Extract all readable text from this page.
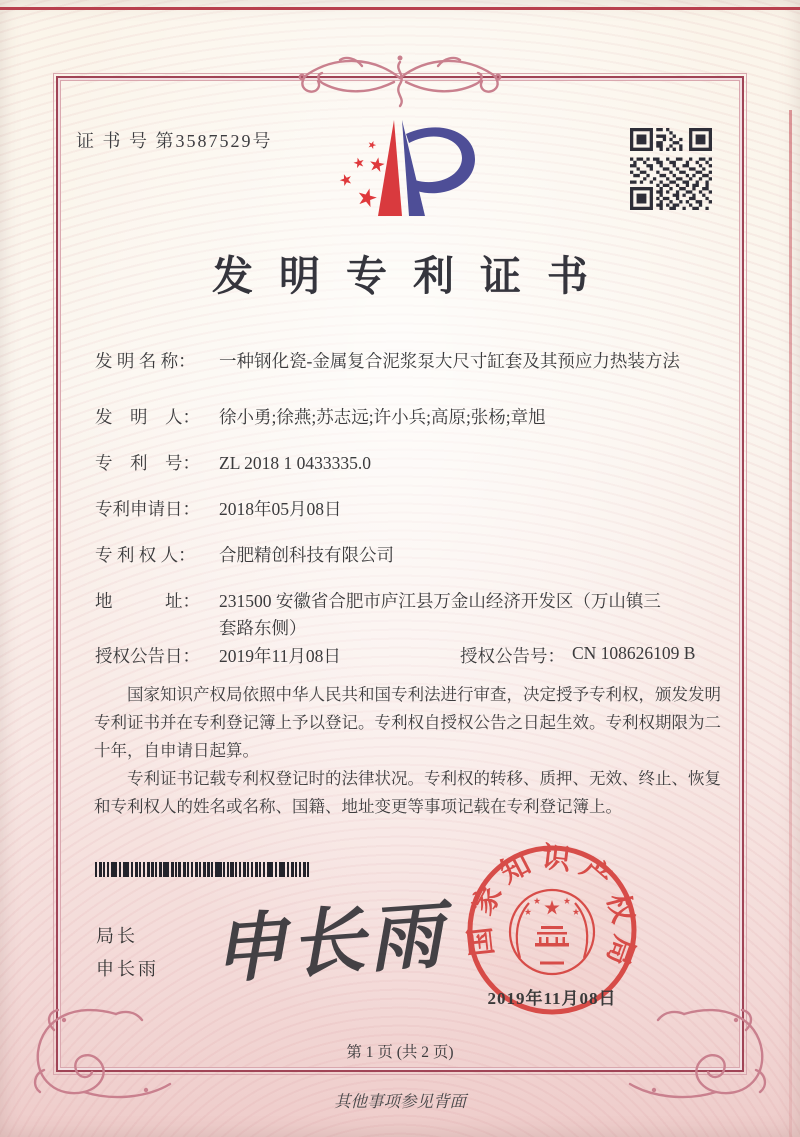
证 书 号 第3587529号
发明专利证书
发 明 名 称：	一种钢化瓷-金属复合泥浆泵大尺寸缸套及其预应力热装方法
发　明　人：	徐小勇;徐燕;苏志远;许小兵;高原;张杨;章旭
专　利　号：	ZL 2018 1 0433335.0
专利申请日：	2018年05月08日
专 利 权 人：	合肥精创科技有限公司
地　　　址：	231500 安徽省合肥市庐江县万金山经济开发区（万山镇三套路东侧）
授权公告日：	2019年11月08日	授权公告号： CN 108626109 B

国家知识产权局依照中华人民共和国专利法进行审查，决定授予专利权，颁发发明专利证书并在专利登记簿上予以登记。专利权自授权公告之日起生效。专利权期限为二十年，自申请日起算。

专利证书记载专利权登记时的法律状况。专利权的转移、质押、无效、终止、恢复和专利权人的姓名或名称、国籍、地址变更等事项记载在专利登记簿上。

局长
申长雨 申长雨 国家知识产权局
2019年11月08日
第 1 页 (共 2 页)
其他事项参见背面
